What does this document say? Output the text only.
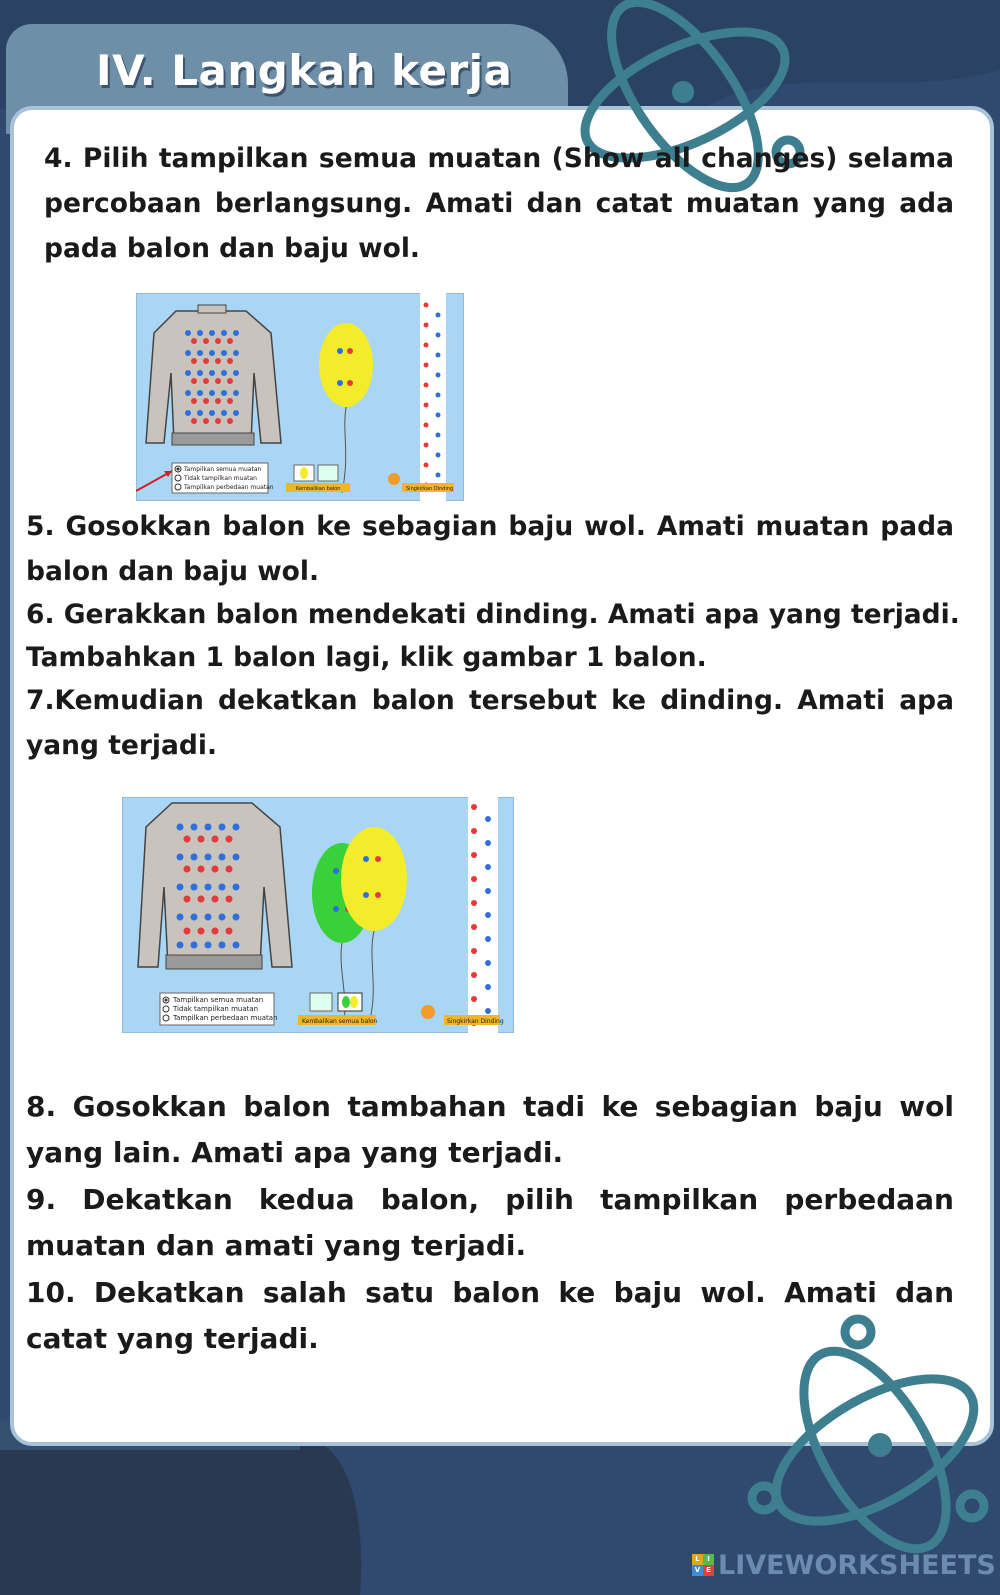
IV. Langkah kerja

4. Pilih tampilkan semua muatan (Show all changes) selama percobaan berlangsung. Amati dan catat muatan yang ada pada balon dan baju wol.

Tampilkan semua muatan
Tidak tampilkan muatan
Tampilkan perbedaan muatan	Kembalikan balon	Singkirkan Dinding

5. Gosokkan balon ke sebagian baju wol. Amati muatan pada balon dan baju wol.

6. Gerakkan balon mendekati dinding. Amati apa yang terjadi.

Tambahkan 1 balon lagi, klik gambar 1 balon.

7.Kemudian dekatkan balon tersebut ke dinding. Amati apa yang terjadi.

Tampilkan semua muatan
Tidak tampilkan muatan
Tampilkan perbedaan muatan	Kembalikan semua balon	Singkirkan Dinding

8. Gosokkan balon tambahan tadi ke sebagian baju wol yang lain. Amati apa yang terjadi.

9. Dekatkan kedua balon, pilih tampilkan perbedaan muatan dan amati yang terjadi.

10. Dekatkan salah satu balon ke baju wol. Amati dan catat yang terjadi.

L	I
V E LIVEWORKSHEETS
